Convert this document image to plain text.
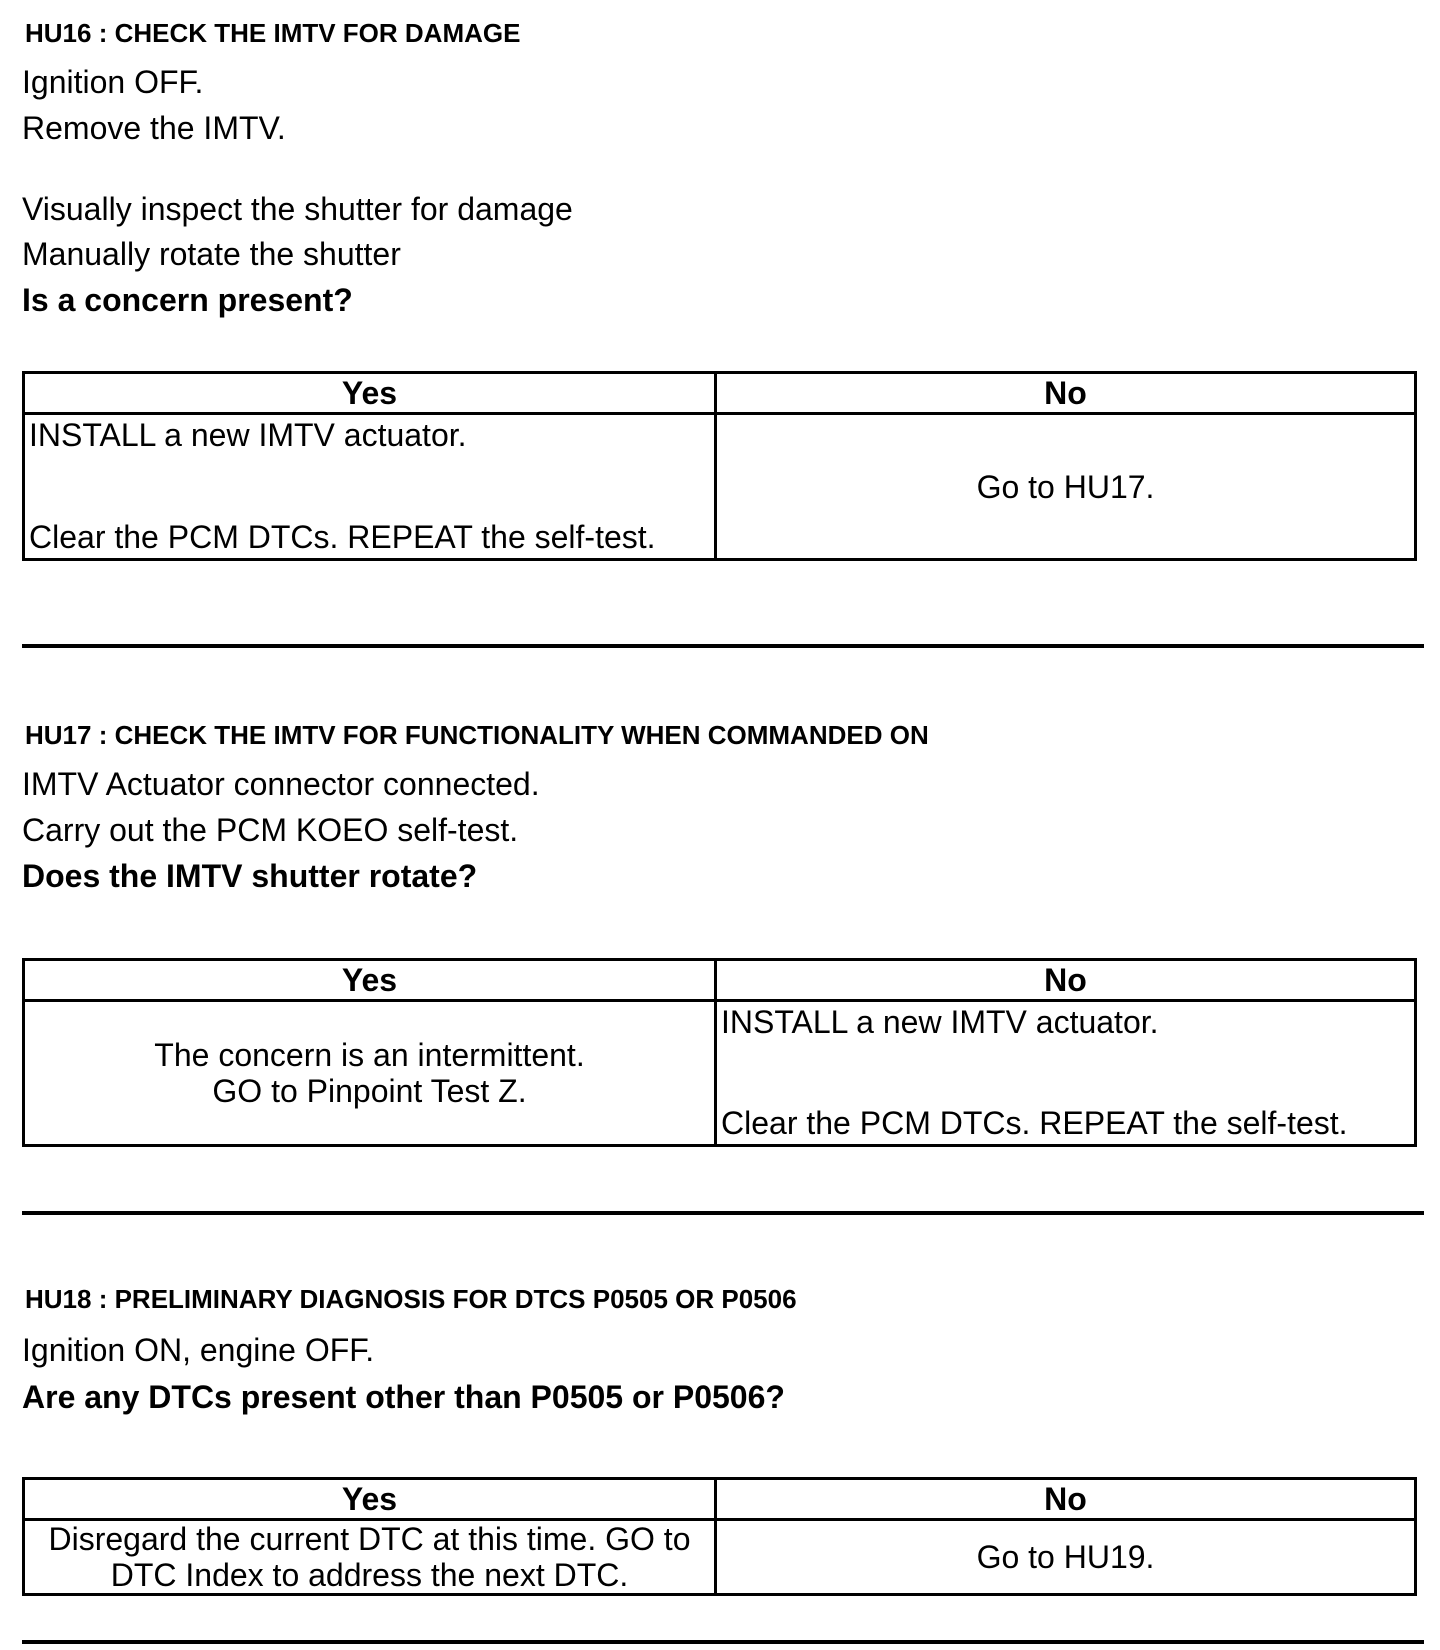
HU16 : CHECK THE IMTV FOR DAMAGE
Ignition OFF.
Remove the IMTV.
Visually inspect the shutter for damage
Manually rotate the shutter
Is a concern present?
Yes	No

INSTALL a new IMTV actuator.
Clear the PCM DTCs. REPEAT the self-test.	Go to HU17.
HU17 : CHECK THE IMTV FOR FUNCTIONALITY WHEN COMMANDED ON
IMTV Actuator connector connected.
Carry out the PCM KOEO self-test.
Does the IMTV shutter rotate?
Yes	No
The concern is an intermittent.
GO to Pinpoint Test Z.	INSTALL a new IMTV actuator.
Clear the PCM DTCs. REPEAT the self-test.
HU18 : PRELIMINARY DIAGNOSIS FOR DTCS P0505 OR P0506
Ignition ON, engine OFF.
Are any DTCs present other than P0505 or P0506?
Yes	No
Disregard the current DTC at this time. GO to
DTC Index to address the next DTC.	Go to HU19.
